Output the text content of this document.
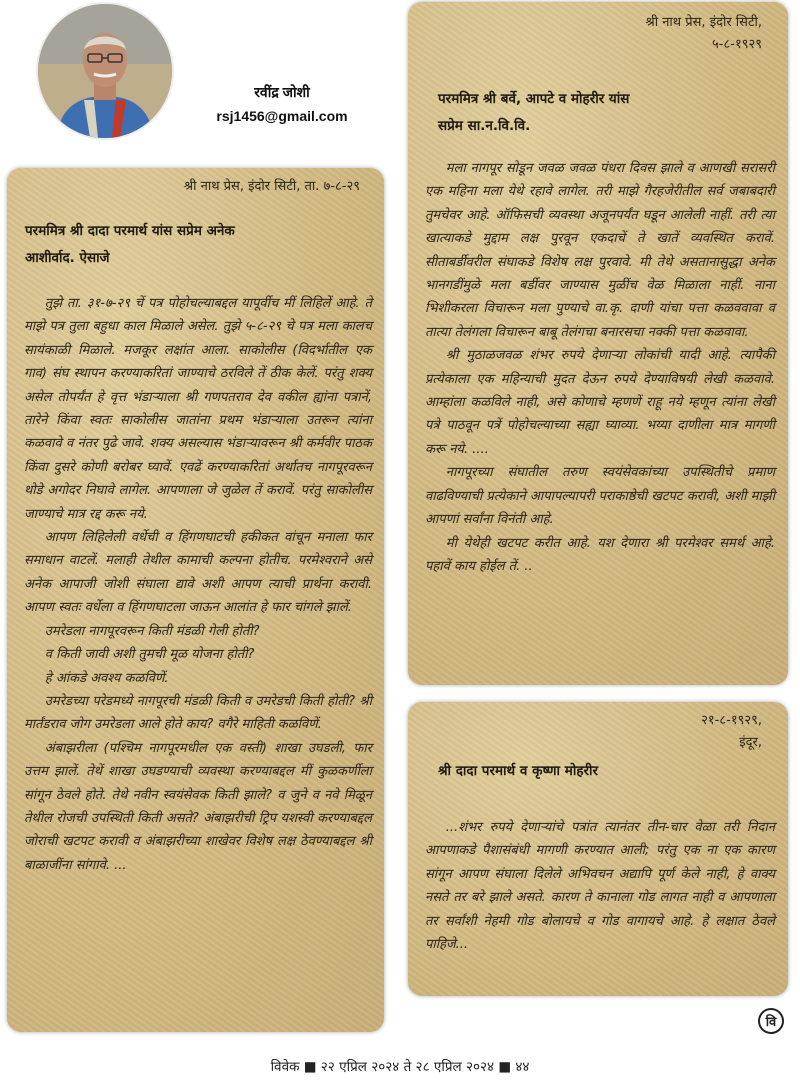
रवींद्र जोशी
rsj1456@gmail.com
श्री नाथ प्रेस, इंदोर सिटी, ता. ७-८-२९
परममित्र श्री दादा परमार्थ यांस सप्रेम अनेक
आशीर्वाद. ऐसाजे

तुझे ता. ३१-७-२९ चें पत्र पोहोचल्याबद्दल यापूर्वीच मीं लिहिलें आहे. ते माझे पत्र तुला बहुधा काल मिळाले असेल. तुझे ५-८-२९ चे पत्र मला कालच सायंकाळी मिळाले. मजकूर लक्षांत आला. साकोलीस (विदर्भातील एक गाव) संघ स्थापन करण्याकरितां जाण्याचे ठरविले तें ठीक केलें. परंतु शक्य असेल तोपर्यंत हे वृत्त भंडाऱ्याला श्री गणपतराव देव वकील ह्यांना पत्रानें, तारेने किंवा स्वतः साकोलीस जातांना प्रथम भंडाऱ्याला उतरून त्यांना कळवावे व नंतर पुढे जावे. शक्य असल्यास भंडाऱ्यावरून श्री कर्मवीर पाठक किंवा दुसरे कोणी बरोबर घ्यावें. एवढें करण्याकरितां अर्थातच नागपूरवरून थोडे अगोदर निघावे लागेल. आपणाला जे जुळेल तें करावें. परंतु साकोलीस जाण्याचे मात्र रद्द करू नये.

आपण लिहिलेली वर्धेची व हिंगणघाटची हकीकत वांचून मनाला फार समाधान वाटलें. मलाही तेथील कामाची कल्पना होतीच. परमेश्वराने असे अनेक आपाजी जोशी संघाला द्यावे अशी आपण त्याची प्रार्थना करावी. आपण स्वतः वर्धेला व हिंगणघाटला जाऊन आलांत हे फार चांगले झालें.

उमरेडला नागपूरवरून किती मंडळी गेली होती?

व किती जावी अशी तुमची मूळ योजना होती?

हे आंकडे अवश्य कळविणें.

उमरेडच्या परेडमध्ये नागपूरची मंडळी किती व उमरेडची किती होती? श्री मार्तंडराव जोग उमरेडला आले होते काय? वगैरे माहिती कळविणें.

अंबाझरीला (पश्चिम नागपूरमधील एक वस्ती) शाखा उघडली, फार उत्तम झालें. तेथें शाखा उघडण्याची व्यवस्था करण्याबद्दल मीं कुळकर्णीला सांगून ठेवले होते. तेथे नवीन स्वयंसेवक किती झाले? व जुने व नवे मिळून तेथील रोजची उपस्थिती किती असते? अंबाझरीची ट्रिप यशस्वी करण्याबद्दल जोराची खटपट करावी व अंबाझरीच्या शाखेवर विशेष लक्ष ठेवण्याबद्दल श्री बाळाजींना सांगावे. ...

श्री नाथ प्रेस, इंदोर सिटी,
५-८-१९२९
परममित्र श्री बर्वे, आपटे व मोहरीर यांस
सप्रेम सा.न.वि.वि.

मला नागपूर सोडून जवळ जवळ पंधरा दिवस झाले व आणखी सरासरी एक महिना मला येथे रहावे लागेल. तरी माझे गैरहजेरीतील सर्व जबाबदारी तुमचेवर आहे. ऑफिसची व्यवस्था अजूनपर्यंत घडून आलेली नाहीं. तरी त्या खात्याकडे मुद्दाम लक्ष पुरवून एकदाचें ते खातें व्यवस्थित करावें. सीताबर्डीवरील संघाकडे विशेष लक्ष पुरवावे. मी तेथे असतानासुद्धा अनेक भानगडींमुळे मला बर्डीवर जाण्यास मुळींच वेळ मिळाला नाहीं. नाना भिशीकरला विचारून मला पुण्याचे वा.कृ. दाणी यांचा पत्ता कळववावा व तात्या तेलंगला विचारून बाबू तेलंगचा बनारसचा नक्की पत्ता कळवावा.

श्री मुठाळजवळ शंभर रुपये देणाऱ्या लोकांची यादी आहे. त्यापैकी प्रत्येकाला एक महिन्याची मुदत देऊन रुपये देण्याविषयी लेखी कळवावे. आम्हांला कळविले नाही, असे कोणाचे म्हणणें राहू नये म्हणून त्यांना लेखी पत्रे पाठवून पत्रें पोहोचल्याच्या सह्या घ्याव्या. भय्या दाणीला मात्र मागणी करू नये. ....

नागपूरच्या संघातील तरुण स्वयंसेवकांच्या उपस्थितीचे प्रमाण वाढविण्याची प्रत्येकाने आपापल्यापरी पराकाष्ठेची खटपट करावी, अशी माझी आपणां सर्वांना विनंती आहे.

मी येथेही खटपट करीत आहे. यश देणारा श्री परमेश्वर समर्थ आहे. पहावें काय होईल तें. ..

२१-८-१९२९,
इंदूर,
श्री दादा परमार्थ व कृष्णा मोहरीर

...शंभर रुपये देणाऱ्यांचे पत्रांत त्यानंतर तीन-चार वेळा तरी निदान आपणाकडे पैशासंबंधी मागणी करण्यात आली; परंतु एक ना एक कारण सांगून आपण संघाला दिलेले अभिवचन अद्यापि पूर्ण केले नाही, हे वाक्य नसते तर बरे झाले असते. कारण ते कानाला गोड लागत नाही व आपणाला तर सर्वांशी नेहमी गोड बोलायचे व गोड वागायचे आहे. हे लक्षात ठेवले पाहिजे...

वि
विवेक ■ २२ एप्रिल २०२४ ते २८ एप्रिल २०२४ ■ ४४
